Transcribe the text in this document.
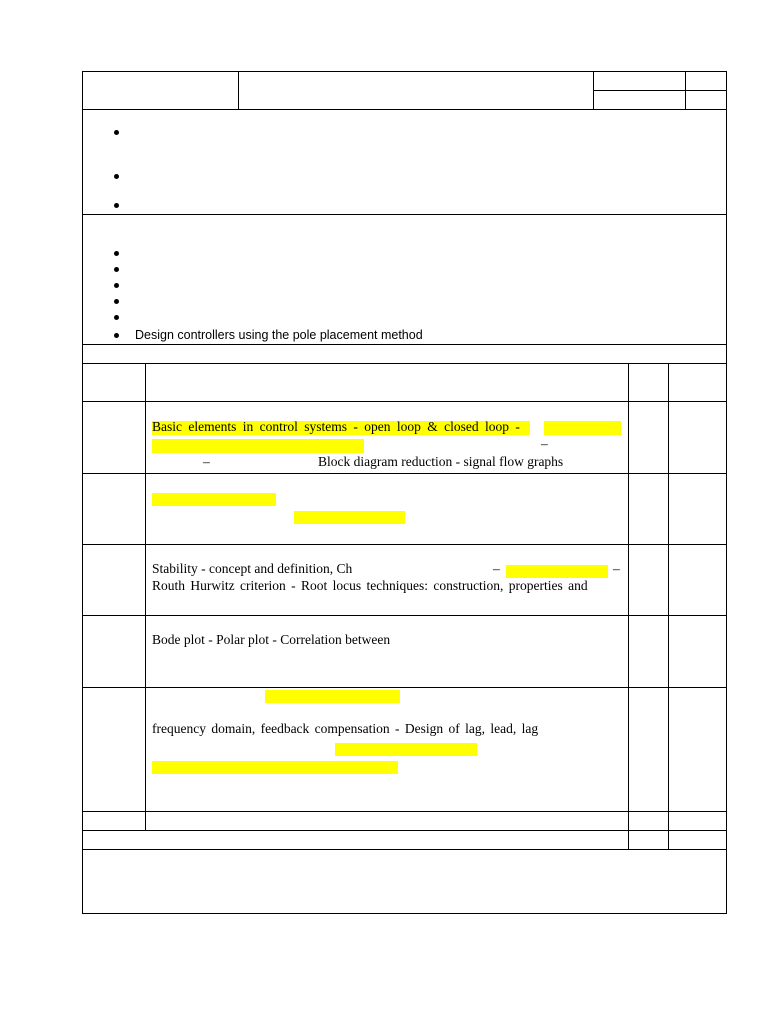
Design controllers using the pole placement method
Basic elements in control systems - open loop & closed loop -
–
–	Block diagram reduction - signal flow graphs
Stability - concept and definition, Ch	–	–
Routh Hurwitz criterion - Root locus techniques: construction, properties and
Bode plot - Polar plot - Correlation between
frequency domain, feedback compensation - Design of lag, lead, lag
